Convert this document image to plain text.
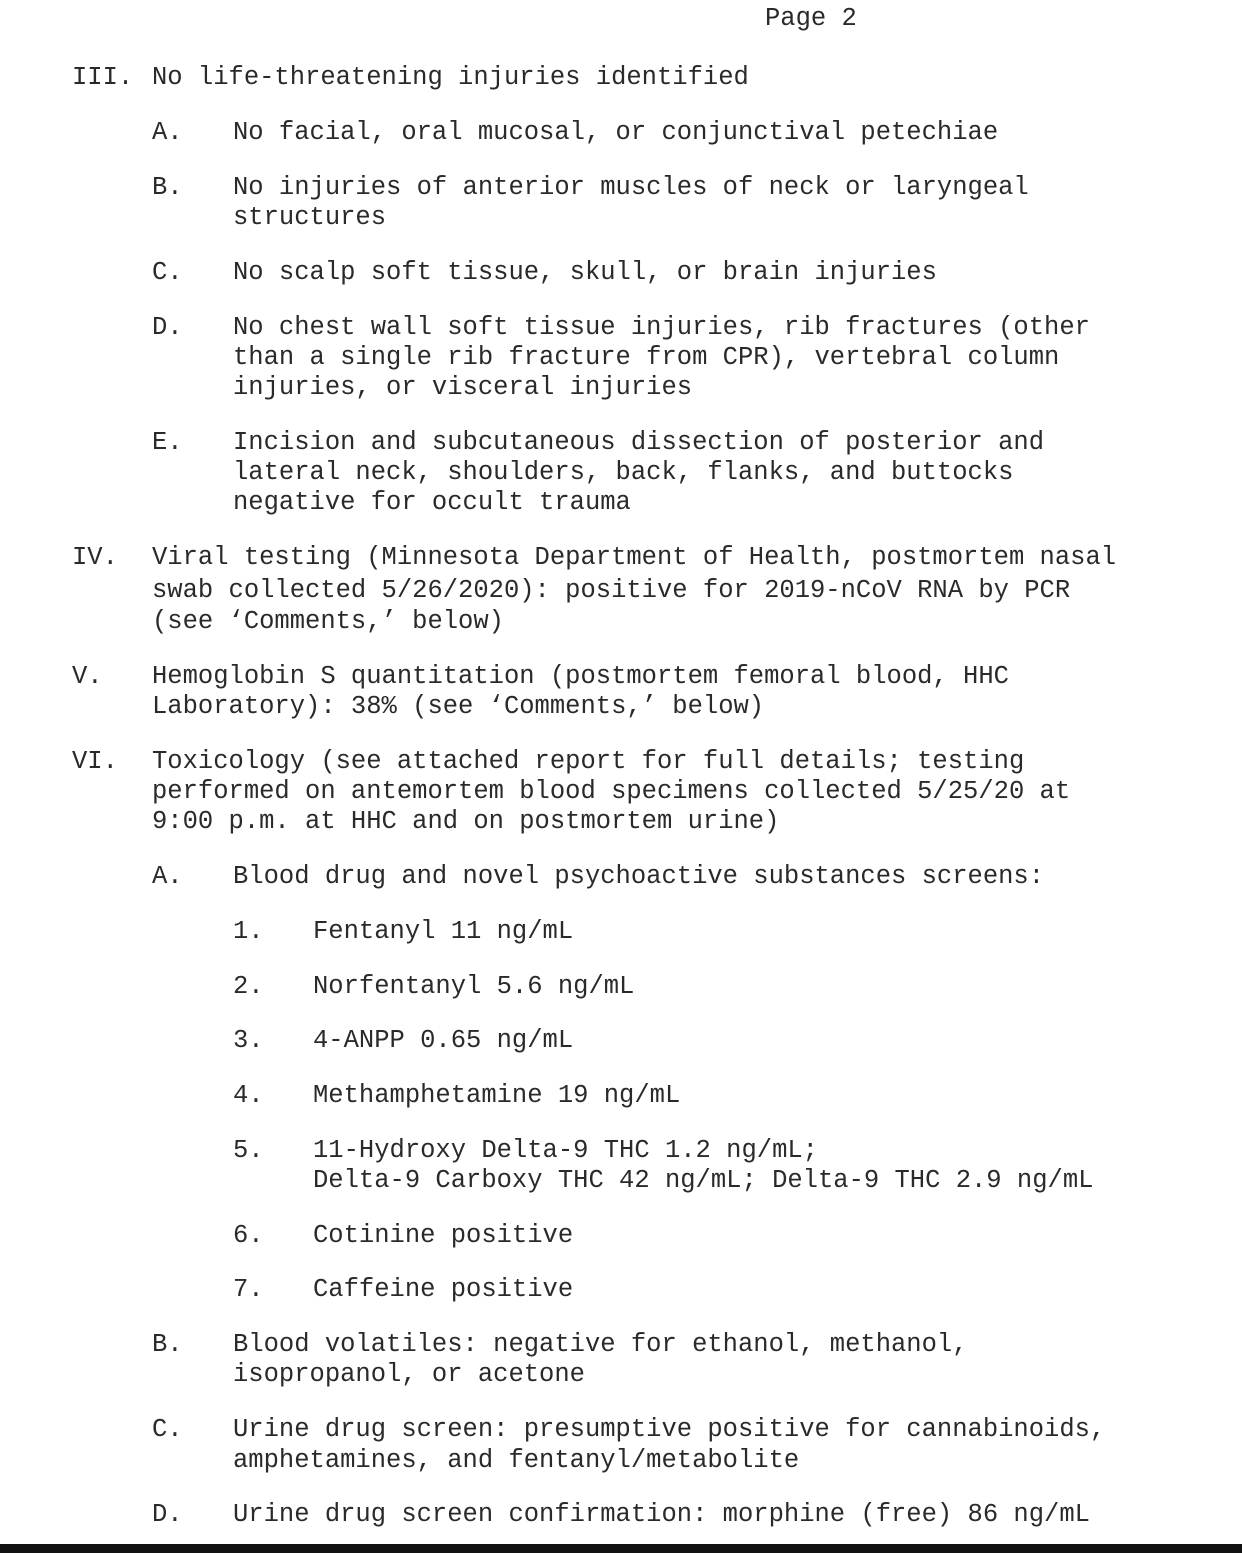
Page 2

III.

No life-threatening injuries identified

A.

No facial, oral mucosal, or conjunctival petechiae

B.

No injuries of anterior muscles of neck or laryngeal

structures

C.

No scalp soft tissue, skull, or brain injuries

D.

No chest wall soft tissue injuries, rib fractures (other

than a single rib fracture from CPR), vertebral column

injuries, or visceral injuries

E.

Incision and subcutaneous dissection of posterior and

lateral neck, shoulders, back, flanks, and buttocks

negative for occult trauma

IV.

Viral testing (Minnesota Department of Health, postmortem nasal

swab collected 5/26/2020): positive for 2019-nCoV RNA by PCR

(see ‘Comments,’ below)

V.

Hemoglobin S quantitation (postmortem femoral blood, HHC

Laboratory): 38% (see ‘Comments,’ below)

VI.

Toxicology (see attached report for full details; testing

performed on antemortem blood specimens collected 5/25/20 at

9:00 p.m. at HHC and on postmortem urine)

A.

Blood drug and novel psychoactive substances screens:

1.

Fentanyl 11 ng/mL

2.

Norfentanyl 5.6 ng/mL

3.

4-ANPP 0.65 ng/mL

4.

Methamphetamine 19 ng/mL

5.

11-Hydroxy Delta-9 THC 1.2 ng/mL;

Delta-9 Carboxy THC 42 ng/mL; Delta-9 THC 2.9 ng/mL

6.

Cotinine positive

7.

Caffeine positive

B.

Blood volatiles: negative for ethanol, methanol,

isopropanol, or acetone

C.

Urine drug screen: presumptive positive for cannabinoids,

amphetamines, and fentanyl/metabolite

D.

Urine drug screen confirmation: morphine (free) 86 ng/mL
